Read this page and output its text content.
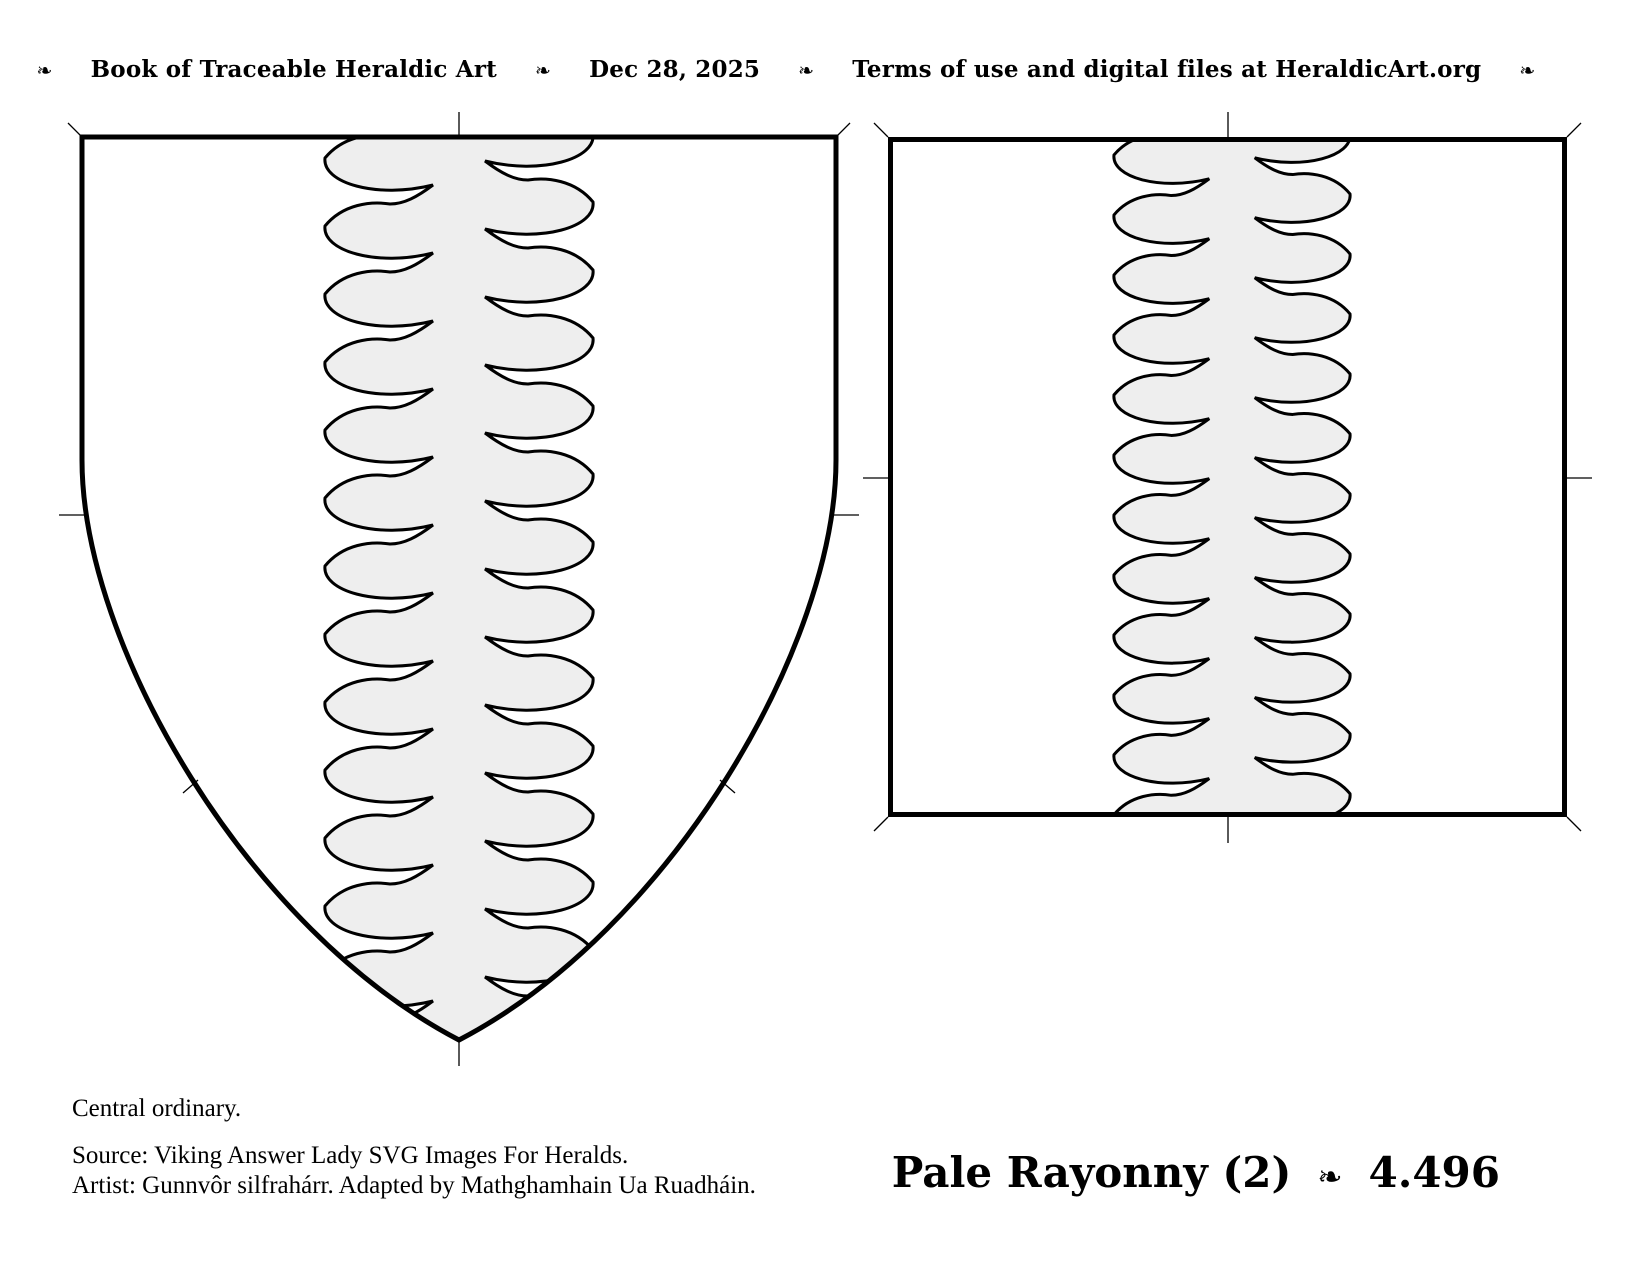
❧ Book of Traceable Heraldic Art ❧ Dec 28, 2025 ❧ Terms of use and digital files at HeraldicArt.org ❧
Central ordinary.
Source: Viking Answer Lady SVG Images For Heralds.
Artist: Gunnvôr silfrahárr. Adapted by Mathghamhain Ua Ruadháin.	Pale Rayonny (2) ❧ 4.496
